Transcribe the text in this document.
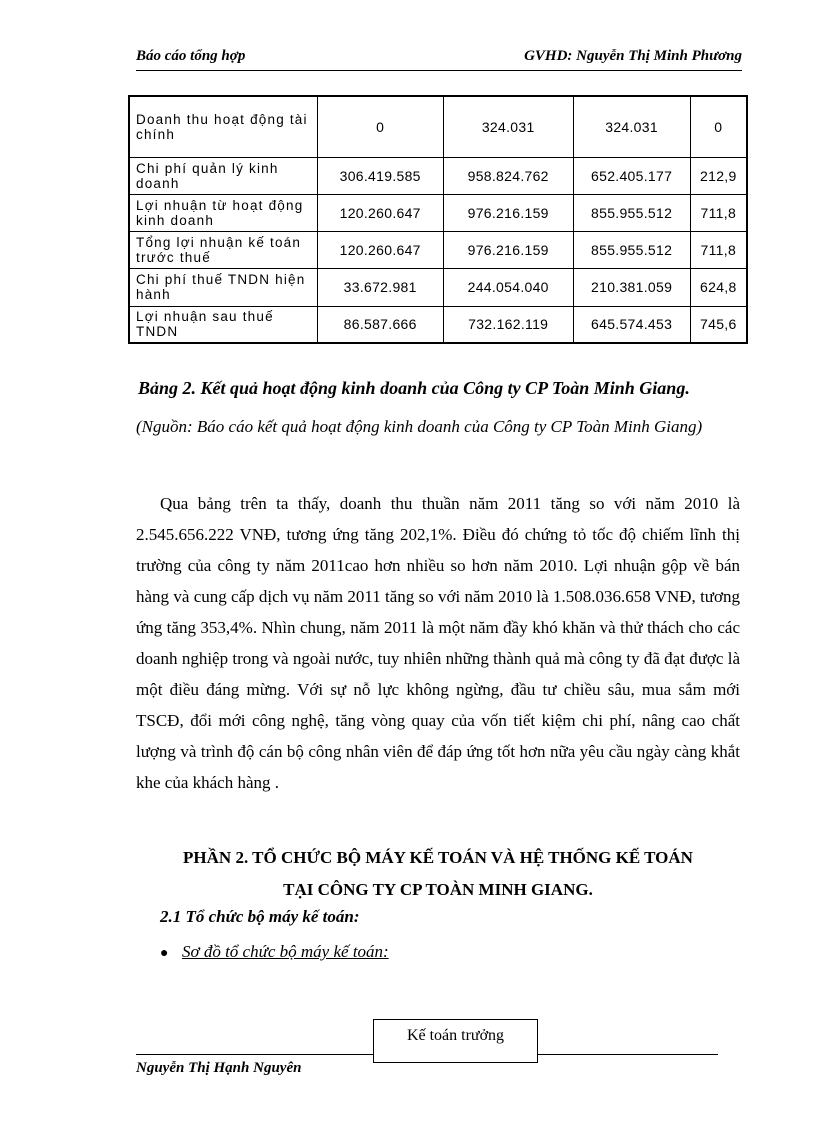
Báo cáo tổng hợp	GVHD: Nguyễn Thị Minh Phương
Doanh thu hoạt động tài chính	0	324.031	324.031	0
Chi phí quản lý kinh doanh	306.419.585	958.824.762	652.405.177	212,9
Lợi nhuận từ hoạt động kinh doanh	120.260.647	976.216.159	855.955.512	711,8
Tổng lợi nhuận kế toán trước thuế	120.260.647	976.216.159	855.955.512	711,8
Chi phí thuế TNDN hiện hành	33.672.981	244.054.040	210.381.059	624,8
Lợi nhuận sau thuế TNDN	86.587.666	732.162.119	645.574.453	745,6
Bảng 2. Kết quả hoạt động kinh doanh của Công ty CP Toàn Minh Giang.
(Nguồn: Báo cáo kết quả hoạt động kinh doanh của Công ty CP Toàn Minh Giang)

Qua bảng trên ta thấy, doanh thu thuần năm 2011 tăng so với năm 2010 là 2.545.656.222 VNĐ, tương ứng tăng 202,1%. Điều đó chứng tỏ tốc độ chiếm lĩnh thị trường của công ty năm 2011cao hơn nhiều so hơn năm 2010. Lợi nhuận gộp về bán hàng và cung cấp dịch vụ năm 2011 tăng so với năm 2010 là 1.508.036.658 VNĐ, tương ứng tăng 353,4%. Nhìn chung, năm 2011 là một năm đầy khó khăn và thử thách cho các doanh nghiệp trong và ngoài nước, tuy nhiên những thành quả mà công ty đã đạt được là một điều đáng mừng. Với sự nỗ lực không ngừng, đầu tư chiều sâu, mua sắm mới TSCĐ, đổi mới công nghệ, tăng vòng quay của vốn tiết kiệm chi phí, nâng cao chất lượng và trình độ cán bộ công nhân viên để đáp ứng tốt hơn nữa yêu cầu ngày càng khắt khe của khách hàng .

PHẦN 2. TỔ CHỨC BỘ MÁY KẾ TOÁN VÀ HỆ THỐNG KẾ TOÁN
TẠI CÔNG TY CP TOÀN MINH GIANG.
2.1 Tổ chức bộ máy kế toán:
● Sơ đồ tổ chức bộ máy kế toán:
Kế toán trưởng
Nguyễn Thị Hạnh Nguyên
